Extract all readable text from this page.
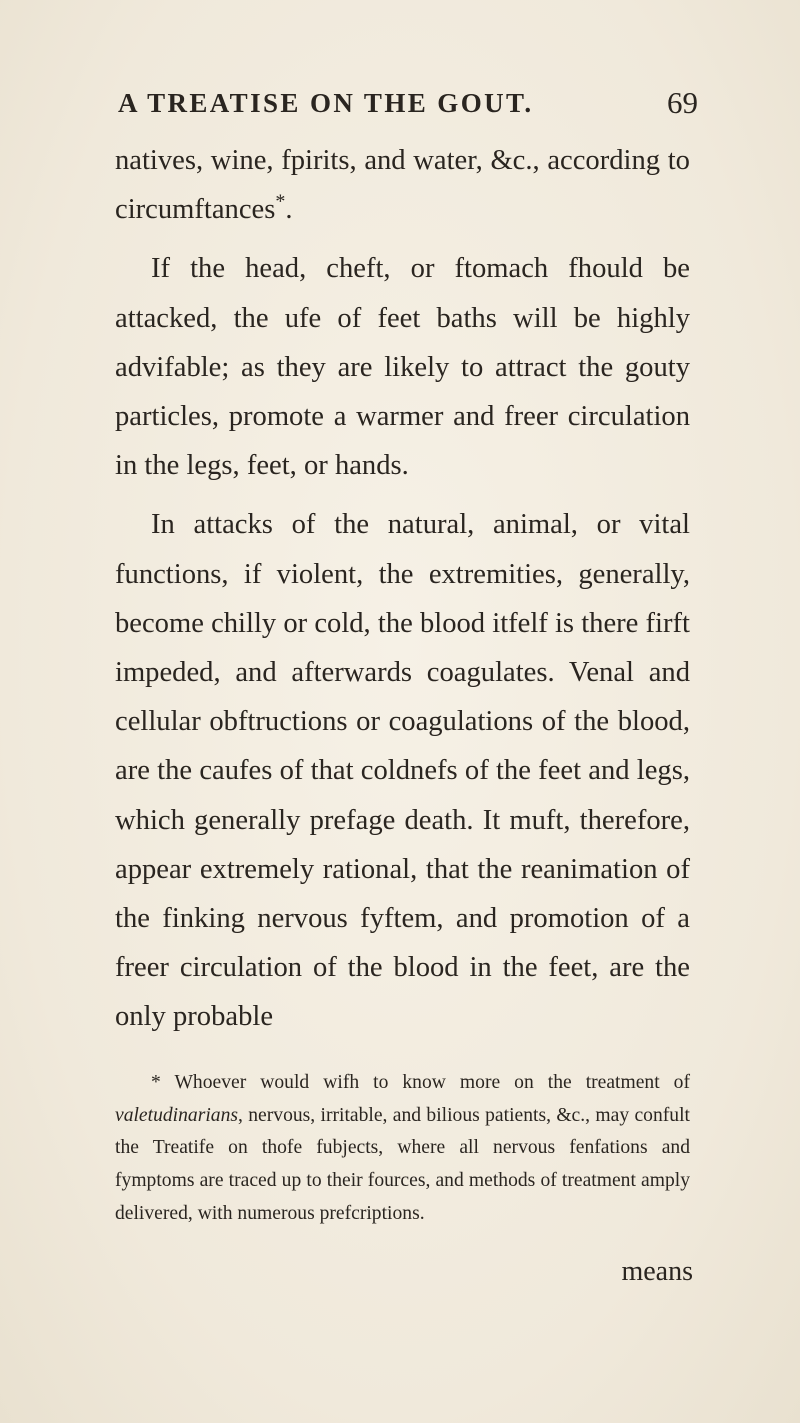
A TREATISE ON THE GOUT.	69

natives, wine, fpirits, and water, &c., according to circumftances*.

If the head, cheft, or ftomach fhould be attacked, the ufe of feet baths will be highly advifable; as they are likely to attract the gouty particles, promote a warmer and freer circulation in the legs, feet, or hands.

In attacks of the natural, animal, or vital functions, if violent, the extremities, generally, become chilly or cold, the blood itfelf is there firft impeded, and afterwards coagulates. Venal and cellular obftructions or coagulations of the blood, are the caufes of that coldnefs of the feet and legs, which generally prefage death. It muft, therefore, appear extremely rational, that the reanimation of the finking nervous fyftem, and promotion of a freer circulation of the blood in the feet, are the only probable

* Whoever would wifh to know more on the treatment of valetudinarians, nervous, irritable, and bilious patients, &c., may confult the Treatife on thofe fubjects, where all nervous fenfations and fymptoms are traced up to their fources, and methods of treatment amply delivered, with numerous prefcriptions.
means
